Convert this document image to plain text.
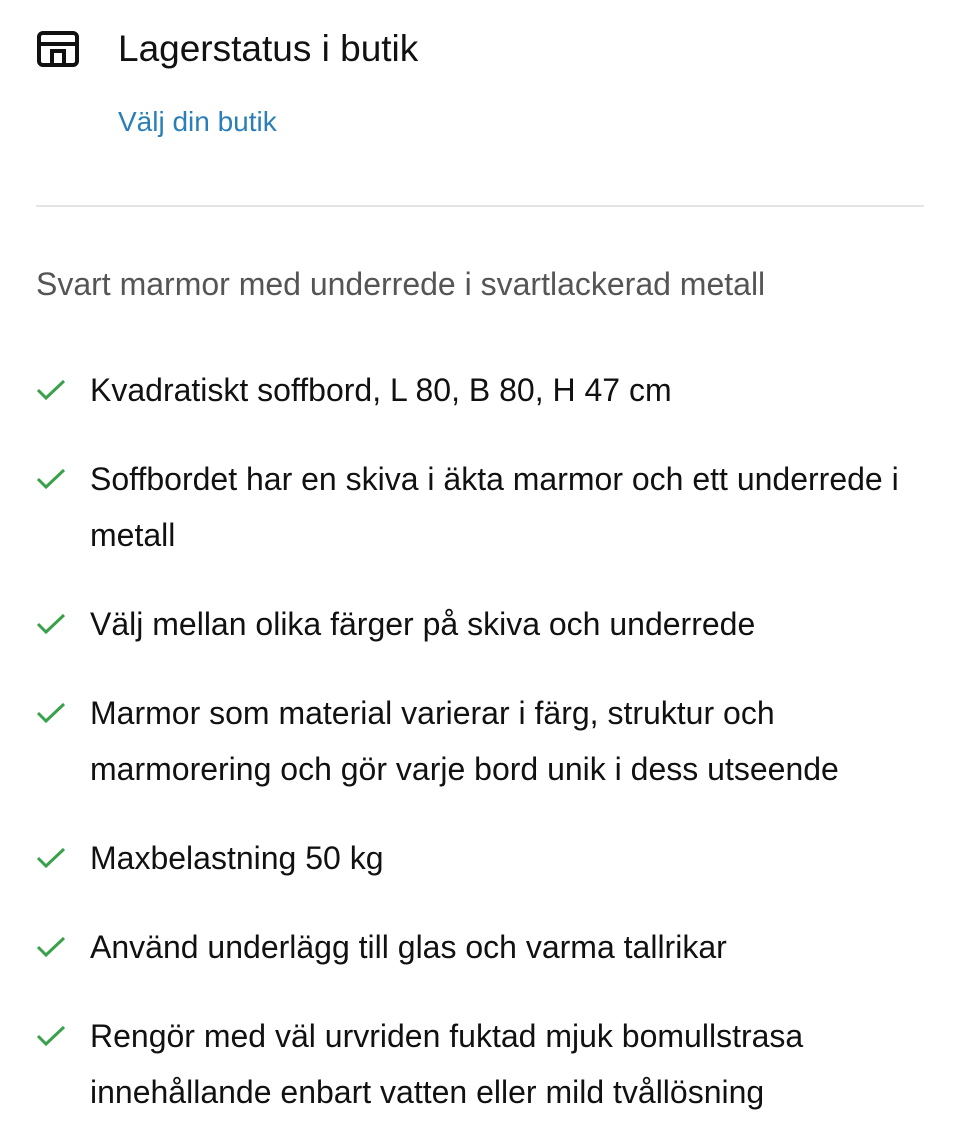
Lagerstatus i butik
Välj din butik
Svart marmor med underrede i svartlackerad metall
Kvadratiskt soffbord, L 80, B 80, H 47 cm
Soffbordet har en skiva i äkta marmor och ett underrede i metall
Välj mellan olika färger på skiva och underrede
Marmor som material varierar i färg, struktur och marmorering och gör varje bord unik i dess utseende
Maxbelastning 50 kg
Använd underlägg till glas och varma tallrikar
Rengör med väl urvriden fuktad mjuk bomullstrasa innehållande enbart vatten eller mild tvållösning
